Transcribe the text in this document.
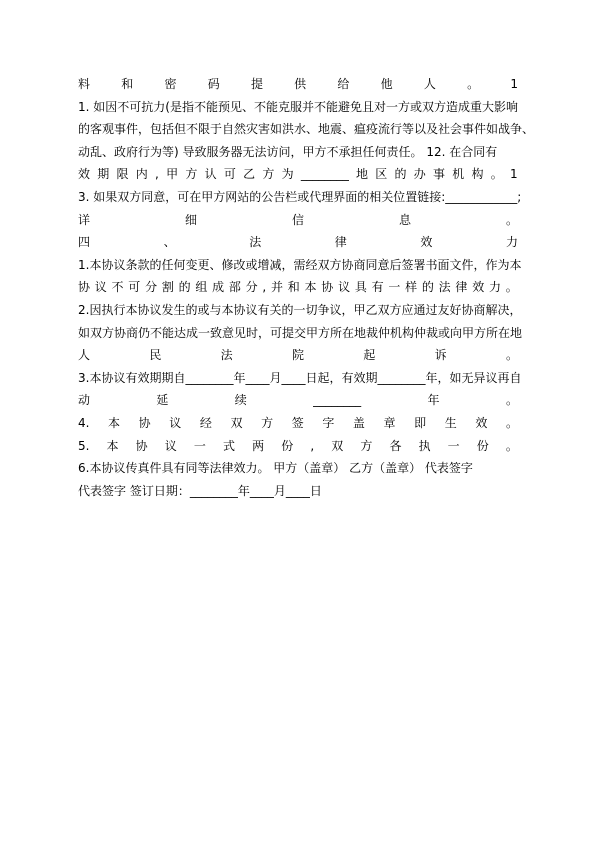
料	和	密	码	提	供	给	他	人	。	1
1. 如因不可抗力(是指不能预见、不能克服并不能避免且对一方或双方造成重大影响
的客观事件，包括但不限于自然灾害如洪水、地震、瘟疫流行等以及社会事件如战争、
动乱、政府行为等) 导致服务器无法访问，甲方不承担任何责任。 12. 在合同有
效 期 限 内 , 甲 方 认 可 乙 方 为 ________ 地 区 的 办 事 机 构 。 1
3. 如果双方同意，可在甲方网站的公告栏或代理界面的相关位置链接:____________;
详	细	信	息	。
四	、	法	律	效	力
1.本协议条款的任何变更、修改或增减，需经双方协商同意后签署书面文件，作为本
协 议 不 可 分 割 的 组 成 部 分 , 并 和 本 协 议 具 有 一 样 的 法 律 效 力 。
2.因执行本协议发生的或与本协议有关的一切争议，甲乙双方应通过友好协商解决，
如双方协商仍不能达成一致意见时，可提交甲方所在地裁仲机构仲裁或向甲方所在地
人	民	法	院	起	诉	。
3.本协议有效期期自________年____月____日起，有效期________年，如无异议再自
动	延	续	________	年	。
4. 本 协 议 经 双 方 签 字 盖 章 即 生 效 。
5. 本 协 议 一 式 两 份 , 双 方 各 执 一 份 。
6.本协议传真件具有同等法律效力。 甲方（盖章） 乙方（盖章） 代表签字
代表签字 签订日期：________年____月____日
